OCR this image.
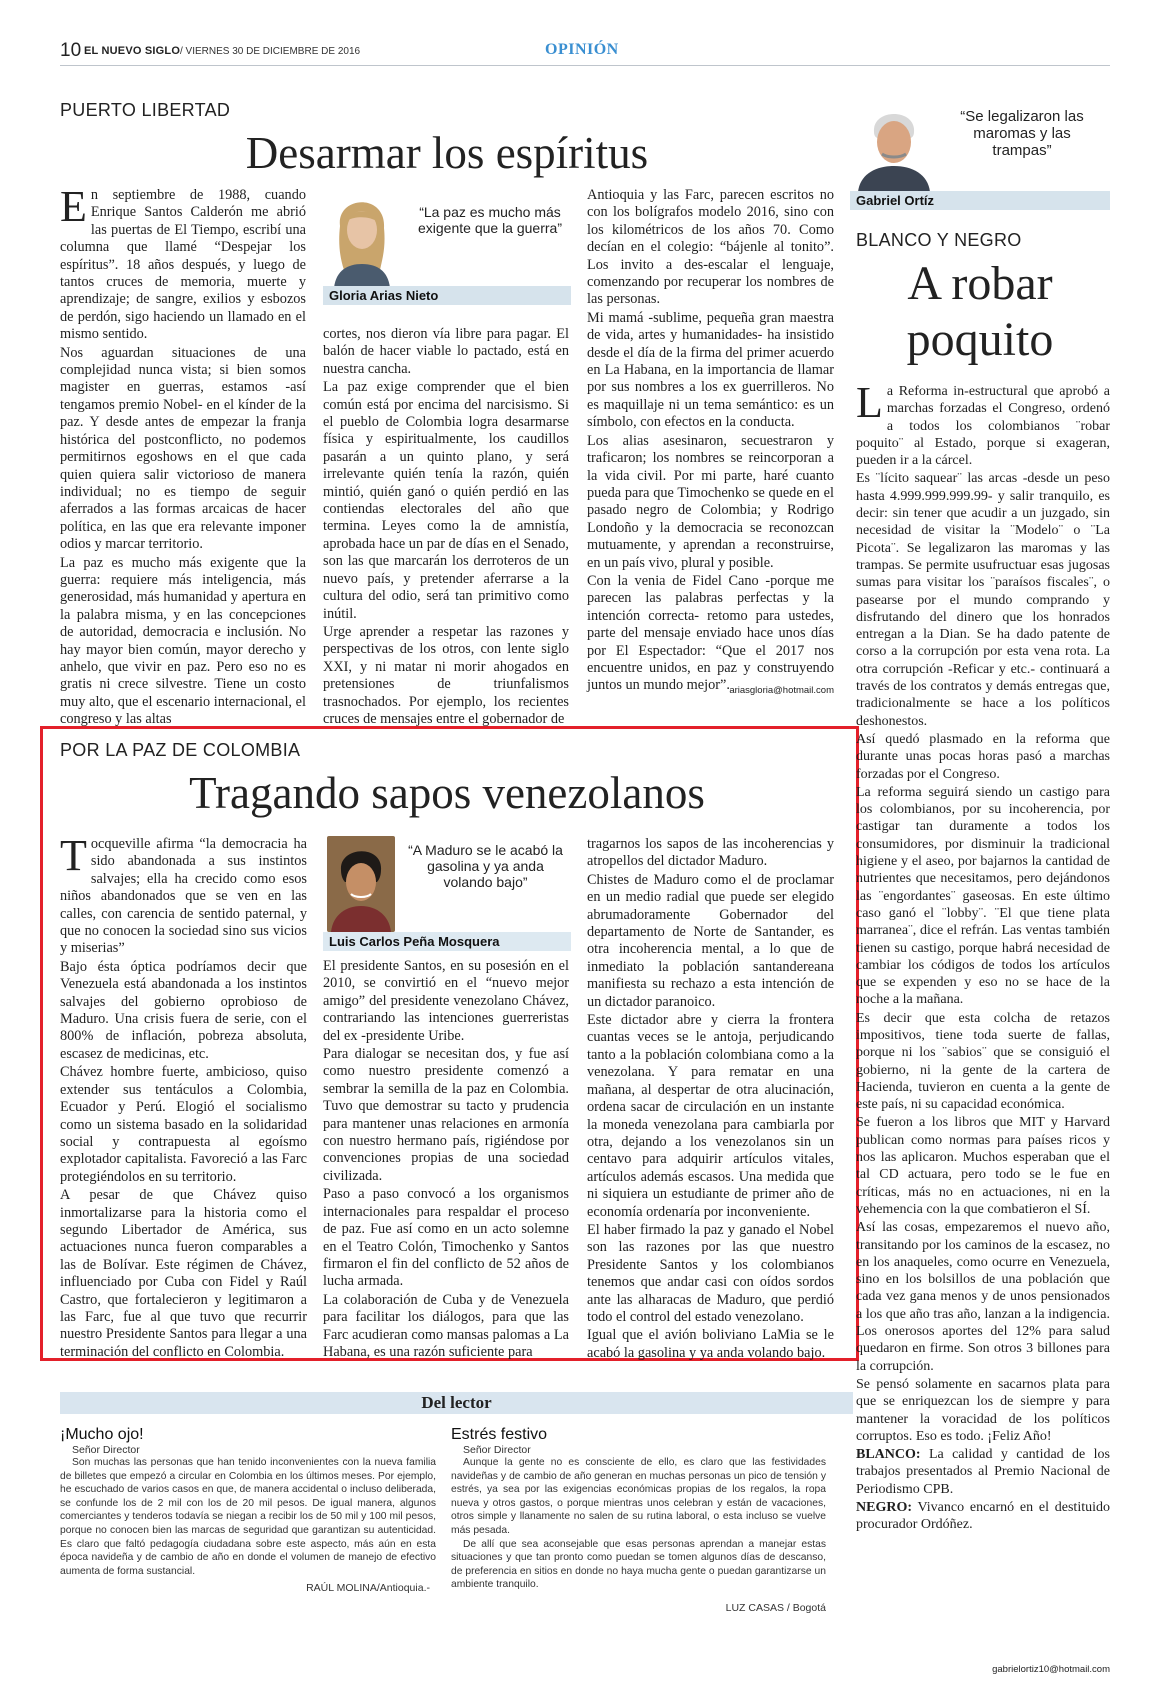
10 EL NUEVO SIGLO / VIERNES 30 DE DICIEMBRE DE 2016	OPINIÓN
PUERTO LIBERTAD
Desarmar los espíritus

En septiembre de 1988, cuando Enrique Santos Calderón me abrió las puertas de El Tiempo, escribí una columna que llamé “Despejar los espíritus”. 18 años después, y luego de tantos cruces de memoria, muerte y aprendizaje; de sangre, exilios y esbozos de perdón, sigo haciendo un llamado en el mismo sentido.

Nos aguardan situaciones de una complejidad nunca vista; si bien somos magister en guerras, estamos -así tengamos premio Nobel- en el kínder de la paz. Y desde antes de empezar la franja histórica del postconflicto, no podemos permitirnos egoshows en el que cada quien quiera salir victorioso de manera individual; no es tiempo de seguir aferrados a las formas arcaicas de hacer política, en las que era relevante imponer odios y marcar territorio.

La paz es mucho más exigente que la guerra: requiere más inteligencia, más generosidad, más humanidad y apertura en la palabra misma, y en las concepciones de autoridad, democracia e inclusión. No hay mayor bien común, mayor derecho y anhelo, que vivir en paz. Pero eso no es gratis ni crece silvestre. Tiene un costo muy alto, que el escenario internacional, el congreso y las altas

“La paz es mucho más exigente que la guerra”
Gloria Arias Nieto

cortes, nos dieron vía libre para pagar. El balón de hacer viable lo pactado, está en nuestra cancha.

La paz exige comprender que el bien común está por encima del narcisismo. Si el pueblo de Colombia logra desarmarse física y espiritualmente, los caudillos pasarán a un quinto plano, y será irrelevante quién tenía la razón, quién mintió, quién ganó o quién perdió en las contiendas electorales del año que termina. Leyes como la de amnistía, aprobada hace un par de días en el Senado, son las que marcarán los derroteros de un nuevo país, y pretender aferrarse a la cultura del odio, será tan primitivo como inútil.

Urge aprender a respetar las razones y perspectivas de los otros, con lente siglo XXI, y ni matar ni morir ahogados en pretensiones de triunfalismos trasnochados. Por ejemplo, los recientes cruces de mensajes entre el gobernador de

Antioquia y las Farc, parecen escritos no con los bolígrafos modelo 2016, sino con los kilométricos de los años 70. Como decían en el colegio: “bájenle al tonito”. Los invito a des-escalar el lenguaje, comenzando por recuperar los nombres de las personas.

Mi mamá -sublime, pequeña gran maestra de vida, artes y humanidades- ha insistido desde el día de la firma del primer acuerdo en La Habana, en la importancia de llamar por sus nombres a los ex guerrilleros. No es maquillaje ni un tema semántico: es un símbolo, con efectos en la conducta.

Los alias asesinaron, secuestraron y traficaron; los nombres se reincorporan a la vida civil. Por mi parte, haré cuanto pueda para que Timochenko se quede en el pasado negro de Colombia; y Rodrigo Londoño y la democracia se reconozcan mutuamente, y aprendan a reconstruirse, en un país vivo, plural y posible.

Con la venia de Fidel Cano -porque me parecen las palabras perfectas y la intención correcta- retomo para ustedes, parte del mensaje enviado hace unos días por El Espectador: “Que el 2017 nos encuentre unidos, en paz y construyendo juntos un mundo mejor”. ariasgloria@hotmail.com
POR LA PAZ DE COLOMBIA
Tragando sapos venezolanos

Tocqueville afirma “la democracia ha sido abandonada a sus instintos salvajes; ella ha crecido como esos niños abandonados que se ven en las calles, con carencia de sentido paternal, y que no conocen la sociedad sino sus vicios y miserias”

Bajo ésta óptica podríamos decir que Venezuela está abandonada a los instintos salvajes del gobierno oprobioso de Maduro. Una crisis fuera de serie, con el 800% de inflación, pobreza absoluta, escasez de medicinas, etc.

Chávez hombre fuerte, ambicioso, quiso extender sus tentáculos a Colombia, Ecuador y Perú. Elogió el socialismo como un sistema basado en la solidaridad social y contrapuesta al egoísmo explotador capitalista. Favoreció a las Farc protegiéndolos en su territorio.

A pesar de que Chávez quiso inmortalizarse para la historia como el segundo Libertador de América, sus actuaciones nunca fueron comparables a las de Bolívar. Este régimen de Chávez, influenciado por Cuba con Fidel y Raúl Castro, que fortalecieron y legitimaron a las Farc, fue al que tuvo que recurrir nuestro Presidente Santos para llegar a una terminación del conflicto en Colombia.

“A Maduro se le acabó la gasolina y ya anda volando bajo”
Luis Carlos Peña Mosquera

El presidente Santos, en su posesión en el 2010, se convirtió en el “nuevo mejor amigo” del presidente venezolano Chávez, contrariando las intenciones guerreristas del ex -presidente Uribe.

Para dialogar se necesitan dos, y fue así como nuestro presidente comenzó a sembrar la semilla de la paz en Colombia. Tuvo que demostrar su tacto y prudencia para mantener unas relaciones en armonía con nuestro hermano país, rigiéndose por convenciones propias de una sociedad civilizada.

Paso a paso convocó a los organismos internacionales para respaldar el proceso de paz. Fue así como en un acto solemne en el Teatro Colón, Timochenko y Santos firmaron el fin del conflicto de 52 años de lucha armada.

La colaboración de Cuba y de Venezuela para facilitar los diálogos, para que las Farc acudieran como mansas palomas a La Habana, es una razón suficiente para

tragarnos los sapos de las incoherencias y atropellos del dictador Maduro.

Chistes de Maduro como el de proclamar en un medio radial que puede ser elegido abrumadoramente Gobernador del departamento de Norte de Santander, es otra incoherencia mental, a lo que de inmediato la población santandereana manifiesta su rechazo a esta intención de un dictador paranoico.

Este dictador abre y cierra la frontera cuantas veces se le antoja, perjudicando tanto a la población colombiana como a la venezolana. Y para rematar en una mañana, al despertar de otra alucinación, ordena sacar de circulación en un instante la moneda venezolana para cambiarla por otra, dejando a los venezolanos sin un centavo para adquirir artículos vitales, artículos además escasos. Una medida que ni siquiera un estudiante de primer año de economía ordenaría por inconveniente.

El haber firmado la paz y ganado el Nobel son las razones por las que nuestro Presidente Santos y los colombianos tenemos que andar casi con oídos sordos ante las alharacas de Maduro, que perdió todo el control del estado venezolano.

Igual que el avión boliviano LaMia se le acabó la gasolina y ya anda volando bajo.

“Se legalizaron las maromas y las trampas”
Gabriel Ortíz
BLANCO Y NEGRO
A robar
poquito

La Reforma in-estructural que aprobó a marchas forzadas el Congreso, ordenó a todos los colombianos ¨robar poquito¨ al Estado, porque si exageran, pueden ir a la cárcel.

Es ¨lícito saquear¨ las arcas -desde un peso hasta 4.999.999.999.99- y salir tranquilo, es decir: sin tener que acudir a un juzgado, sin necesidad de visitar la ¨Modelo¨ o ¨La Picota¨. Se legalizaron las maromas y las trampas. Se permite usufructuar esas jugosas sumas para visitar los ¨paraísos fiscales¨, o pasearse por el mundo comprando y disfrutando del dinero que los honrados entregan a la Dian. Se ha dado patente de corso a la corrupción por esta vena rota. La otra corrupción -Reficar y etc.- continuará a través de los contratos y demás entregas que, tradicionalmente se hace a los políticos deshonestos.

Así quedó plasmado en la reforma que durante unas pocas horas pasó a marchas forzadas por el Congreso.

La reforma seguirá siendo un castigo para los colombianos, por su incoherencia, por castigar tan duramente a todos los consumidores, por disminuir la tradicional higiene y el aseo, por bajarnos la cantidad de nutrientes que necesitamos, pero dejándonos las ¨engordantes¨ gaseosas. En este último caso ganó el ¨lobby¨. ¨El que tiene plata marranea¨, dice el refrán. Las ventas también tienen su castigo, porque habrá necesidad de cambiar los códigos de todos los artículos que se expenden y eso no se hace de la noche a la mañana.

Es decir que esta colcha de retazos impositivos, tiene toda suerte de fallas, porque ni los ¨sabios¨ que se consiguió el gobierno, ni la gente de la cartera de Hacienda, tuvieron en cuenta a la gente de este país, ni su capacidad económica.

Se fueron a los libros que MIT y Harvard publican como normas para países ricos y nos las aplicaron. Muchos esperaban que el tal CD actuara, pero todo se le fue en críticas, más no en actuaciones, ni en la vehemencia con la que combatieron el SÍ.

Así las cosas, empezaremos el nuevo año, transitando por los caminos de la escasez, no en los anaqueles, como ocurre en Venezuela, sino en los bolsillos de una población que cada vez gana menos y de unos pensionados a los que año tras año, lanzan a la indigencia. Los onerosos aportes del 12% para salud quedaron en firme. Son otros 3 billones para la corrupción.

Se pensó solamente en sacarnos plata para que se enriquezcan los de siempre y para mantener la voracidad de los políticos corruptos. Eso es todo. ¡Feliz Año!

BLANCO: La calidad y cantidad de los trabajos presentados al Premio Nacional de Periodismo CPB.

NEGRO: Vivanco encarnó en el destituido procurador Ordóñez.

gabrielortiz10@hotmail.com
Del lector
¡Mucho ojo!
Señor Director

Son muchas las personas que han tenido inconvenientes con la nueva familia de billetes que empezó a circular en Colombia en los últimos meses. Por ejemplo, he escuchado de varios casos en que, de manera accidental o incluso deliberada, se confunde los de 2 mil con los de 20 mil pesos. De igual manera, algunos comerciantes y tenderos todavía se niegan a recibir los de 50 mil y 100 mil pesos, porque no conocen bien las marcas de seguridad que garantizan su autenticidad. Es claro que faltó pedagogía ciudadana sobre este aspecto, más aún en esta época navideña y de cambio de año en donde el volumen de manejo de efectivo aumenta de forma sustancial.

RAÚL MOLINA/Antioquia.-
Estrés festivo
Señor Director

Aunque la gente no es consciente de ello, es claro que las festividades navideñas y de cambio de año generan en muchas personas un pico de tensión y estrés, ya sea por las exigencias económicas propias de los regalos, la ropa nueva y otros gastos, o porque mientras unos celebran y están de vacaciones, otros simple y llanamente no salen de su rutina laboral, o esta incluso se vuelve más pesada.

De allí que sea aconsejable que esas personas aprendan a manejar estas situaciones y que tan pronto como puedan se tomen algunos días de descanso, de preferencia en sitios en donde no haya mucha gente o puedan garantizarse un ambiente tranquilo.

LUZ CASAS / Bogotá
